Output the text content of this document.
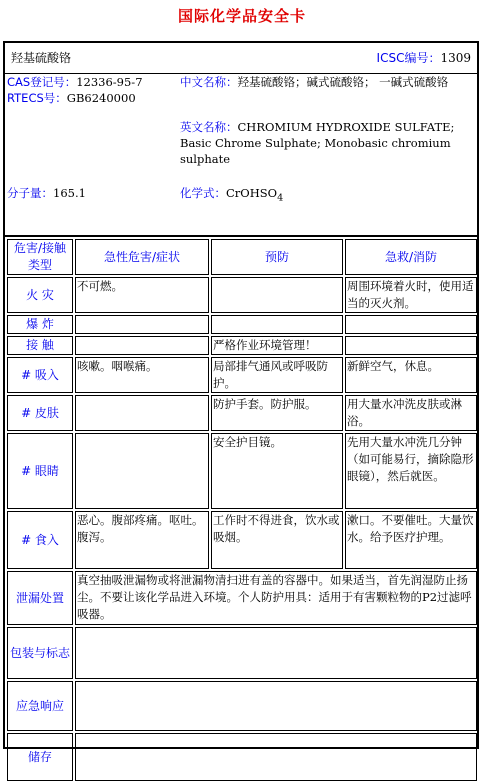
国际化学品安全卡
羟基硫酸铬	ICSC编号：1309
CAS登记号：12336-95-7
RTECS号：GB6240000
中文名称：羟基硫酸铬；碱式硫酸铬； 一碱式硫酸铬
英文名称：CHROMIUM HYDROXIDE SULFATE; Basic Chrome Sulphate; Monobasic chromium sulphate
分子量：165.1	化学式：CrOHSO$_4$
危害/接触类型	急性危害/症状	预防	急救/消防
火 灾	不可燃。		周围环境着火时，使用适当的灭火剂。
爆 炸			
接 触		严格作业环境管理！	
# 吸入	咳嗽。咽喉痛。	局部排气通风或呼吸防护。	新鲜空气，休息。
# 皮肤		防护手套。防护服。	用大量水冲洗皮肤或淋浴。
# 眼睛		安全护目镜。	先用大量水冲洗几分钟（如可能易行，摘除隐形眼镜），然后就医。
# 食入	恶心。腹部疼痛。呕吐。腹泻。	工作时不得进食，饮水或吸烟。	漱口。不要催吐。大量饮水。给予医疗护理。
泄漏处置	真空抽吸泄漏物或将泄漏物清扫进有盖的容器中。如果适当，首先润湿防止扬尘。不要让该化学品进入环境。个人防护用具：适用于有害颗粒物的P2过滤呼吸器。		
包装与标志			
应急响应			
储存			
